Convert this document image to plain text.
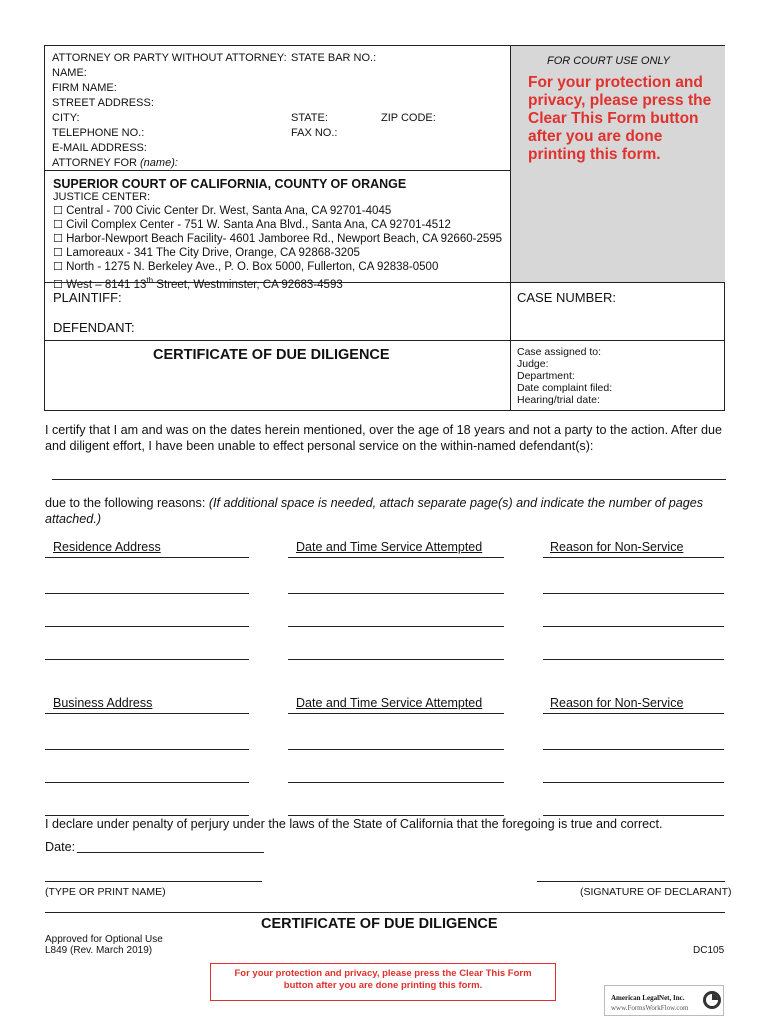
FOR COURT USE ONLY
For your protection and privacy, please press the Clear This Form button after you are done printing this form.
ATTORNEY OR PARTY WITHOUT ATTORNEY: STATE BAR NO.:
NAME:
FIRM NAME:
STREET ADDRESS:
CITY:	STATE:	ZIP CODE:
TELEPHONE NO.:	FAX NO.:
E-MAIL ADDRESS:
ATTORNEY FOR (name):
SUPERIOR COURT OF CALIFORNIA, COUNTY OF ORANGE
JUSTICE CENTER:
☐ Central - 700 Civic Center Dr. West, Santa Ana, CA 92701-4045
☐ Civil Complex Center - 751 W. Santa Ana Blvd., Santa Ana, CA 92701-4512
☐ Harbor-Newport Beach Facility- 4601 Jamboree Rd., Newport Beach, CA 92660-2595
☐ Lamoreaux - 341 The City Drive, Orange, CA 92868-3205
☐ North - 1275 N. Berkeley Ave., P. O. Box 5000, Fullerton, CA 92838-0500
☐ West – 8141 13th Street, Westminster, CA 92683-4593
PLAINTIFF:
DEFENDANT:
CASE NUMBER:
CERTIFICATE OF DUE DILIGENCE	Case assigned to:
Judge:
Department:
Date complaint filed:
Hearing/trial date:
I certify that I am and was on the dates herein mentioned, over the age of 18 years and not a party to the action. After due and diligent effort, I have been unable to effect personal service on the within-named defendant(s):
due to the following reasons: (If additional space is needed, attach separate page(s) and indicate the number of pages attached.)
Residence Address	Date and Time Service Attempted	Reason for Non-Service
Business Address	Date and Time Service Attempted	Reason for Non-Service
I declare under penalty of perjury under the laws of the State of California that the foregoing is true and correct.
Date:
(TYPE OR PRINT NAME)	(SIGNATURE OF DECLARANT)
CERTIFICATE OF DUE DILIGENCE
Approved for Optional Use
L849 (Rev. March 2019)	DC105
For your protection and privacy, please press the Clear This Form button after you are done printing this form.
American LegalNet, Inc.
www.FormsWorkFlow.com
